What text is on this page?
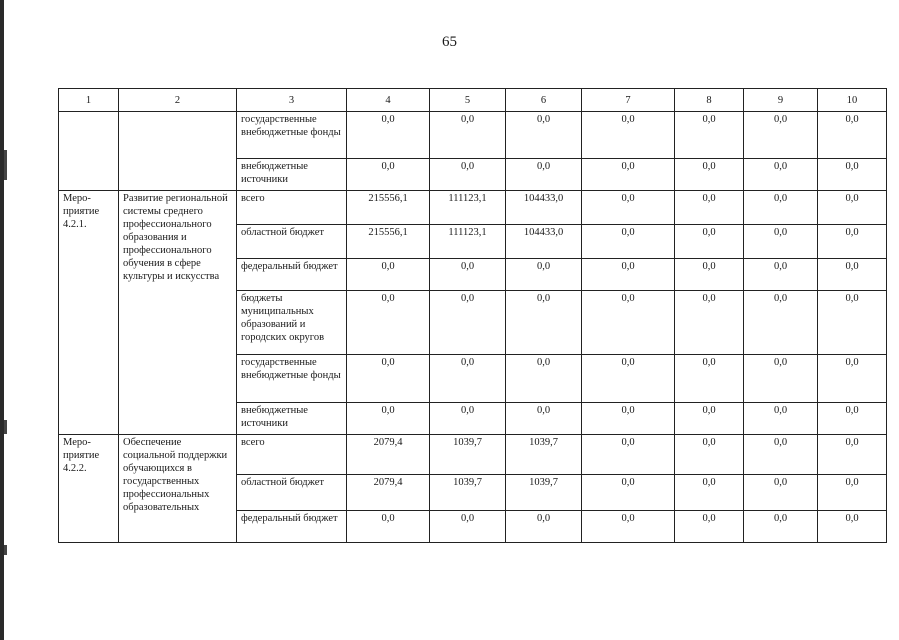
65
1	2	3	4	5	6	7	8	9	10
		государственные внебюджетные фонды	0,0	0,0	0,0	0,0	0,0	0,0	0,0
		внебюджетные источники	0,0	0,0	0,0	0,0	0,0	0,0	0,0
Меро-
приятие
4.2.1.	Развитие региональной системы среднего профессионального образования и профессионального обучения в сфере культуры и искусства	всего	215556,1	111123,1	104433,0	0,0	0,0	0,0	0,0
		областной бюджет	215556,1	111123,1	104433,0	0,0	0,0	0,0	0,0
		федеральный бюджет	0,0	0,0	0,0	0,0	0,0	0,0	0,0
		бюджеты муниципальных образований и городских округов	0,0	0,0	0,0	0,0	0,0	0,0	0,0
		государственные внебюджетные фонды	0,0	0,0	0,0	0,0	0,0	0,0	0,0
		внебюджетные источники	0,0	0,0	0,0	0,0	0,0	0,0	0,0
Меро-
приятие
4.2.2.	Обеспечение социальной поддержки обучающихся в государственных профессиональных образовательных	всего	2079,4	1039,7	1039,7	0,0	0,0	0,0	0,0
		областной бюджет	2079,4	1039,7	1039,7	0,0	0,0	0,0	0,0
		федеральный бюджет	0,0	0,0	0,0	0,0	0,0	0,0	0,0
